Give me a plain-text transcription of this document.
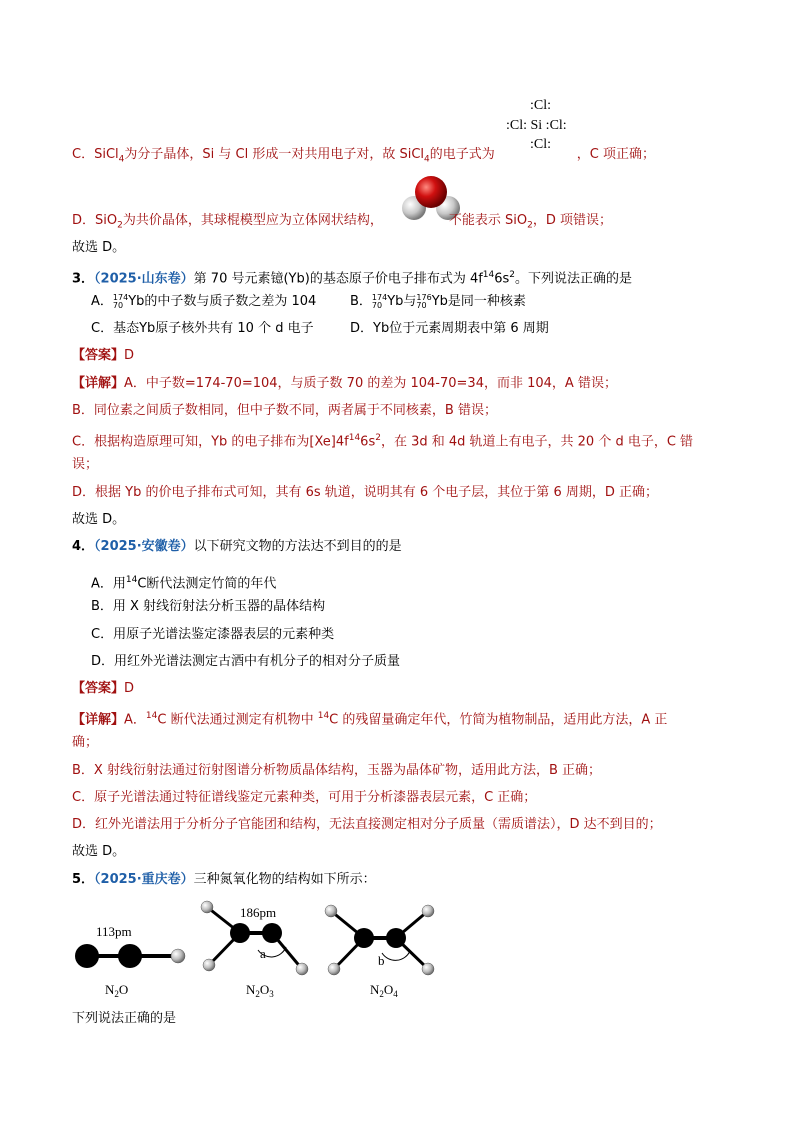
:Cl:
:Cl: Si :Cl:
:Cl:
C．SiCl$_4$为分子晶体，Si 与 Cl 形成一对共用电子对，故 SiCl$_4$的电子式为	，C 项正确；
D．SiO$_2$为共价晶体，其球棍模型应为立体网状结构，	不能表示 SiO$_2$，D 项错误；
故选 D。
3．（2025·山东卷）第 70 号元素镱(Yb)的基态原子价电子排布式为 $4f^{14}6s^2$。下列说法正确的是
A． 174
70 Yb的中子数与质子数之差为 104	B． 174
70 Yb与 176
70 Yb是同一种核素
C．基态Yb原子核外共有 10 个 d 电子	D．Yb位于元素周期表中第 6 周期
【答案】D
【详解】A．中子数=174-70=104，与质子数 70 的差为 104-70=34，而非 104，A 错误；
B．同位素之间质子数相同，但中子数不同，两者属于不同核素，B 错误；
C．根据构造原理可知，Yb 的电子排布为$[Xe]4f^{14}6s^2$，在 3d 和 4d 轨道上有电子，共 20 个 d 电子，C 错
误；
D．根据 Yb 的价电子排布式可知，其有 6s 轨道，说明其有 6 个电子层，其位于第 6 周期，D 正确；
故选 D。
4．（2025·安徽卷）以下研究文物的方法达不到目的的是
A．用$^{14}$C断代法测定竹简的年代
B．用 X 射线衍射法分析玉器的晶体结构
C．用原子光谱法鉴定漆器表层的元素种类
D．用红外光谱法测定古酒中有机分子的相对分子质量
【答案】D
【详解】A．$^{14}$C 断代法通过测定有机物中 $^{14}$C 的残留量确定年代，竹简为植物制品，适用此方法，A 正
确；
B．X 射线衍射法通过衍射图谱分析物质晶体结构，玉器为晶体矿物，适用此方法，B 正确；
C．原子光谱法通过特征谱线鉴定元素种类，可用于分析漆器表层元素，C 正确；
D．红外光谱法用于分析分子官能团和结构，无法直接测定相对分子质量（需质谱法），D 达不到目的；
故选 D。
5．（2025·重庆卷）三种氮氧化物的结构如下所示：
113pm
$N_2O$
186pm
a
$N_2O_3$
b
$N_2O_4$
下列说法正确的是
